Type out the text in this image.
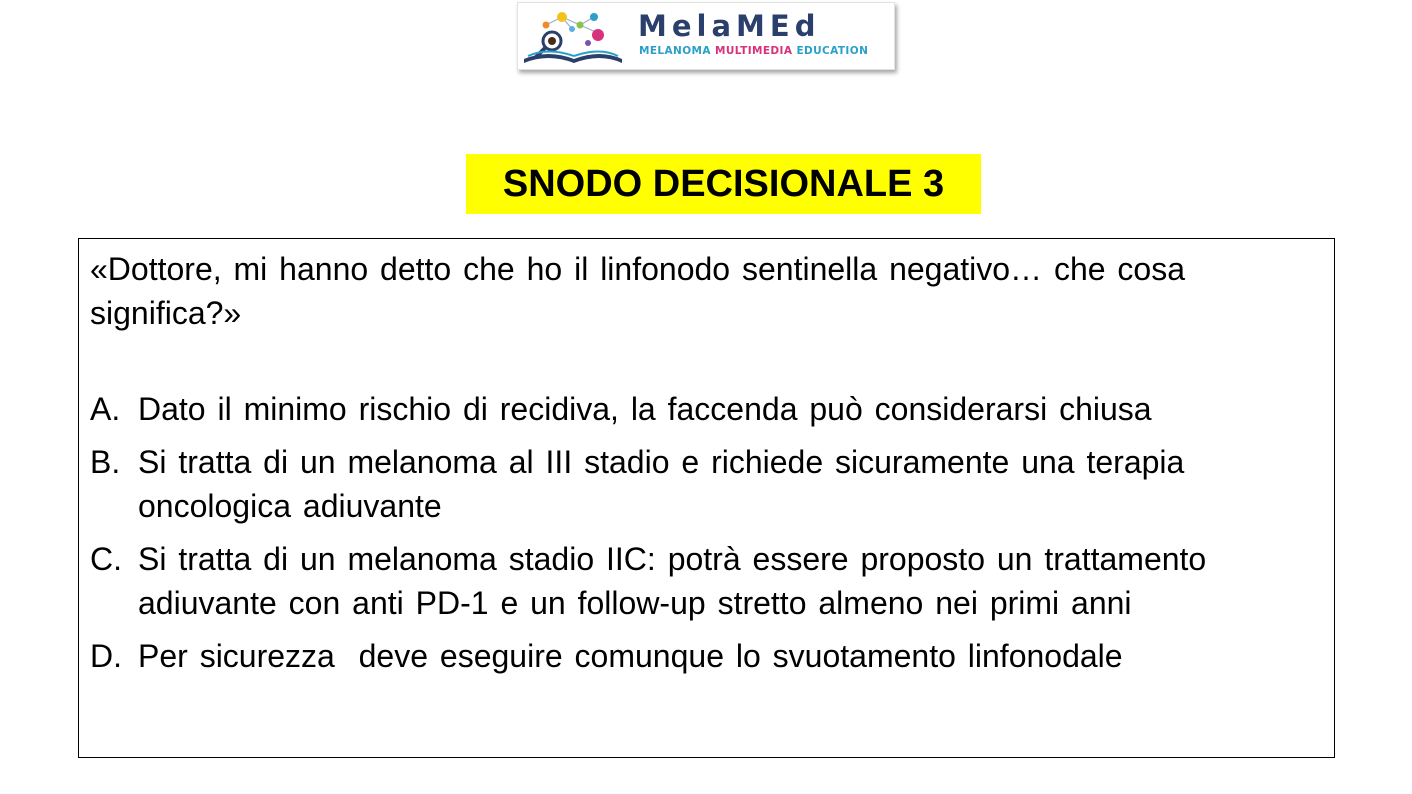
MelaMEd
MELANOMA MULTIMEDIA EDUCATION
SNODO DECISIONALE 3

«Dottore, mi hanno detto che ho il linfonodo sentinella negativo… che cosa significa?»

A. Dato il minimo rischio di recidiva, la faccenda può considerarsi chiusa
B. Si tratta di un melanoma al III stadio e richiede sicuramente una terapia oncologica adiuvante
C. Si tratta di un melanoma stadio IIC: potrà essere proposto un trattamento adiuvante con anti PD-1 e un follow-up stretto almeno nei primi anni
D. Per sicurezza  deve eseguire comunque lo svuotamento linfonodale
